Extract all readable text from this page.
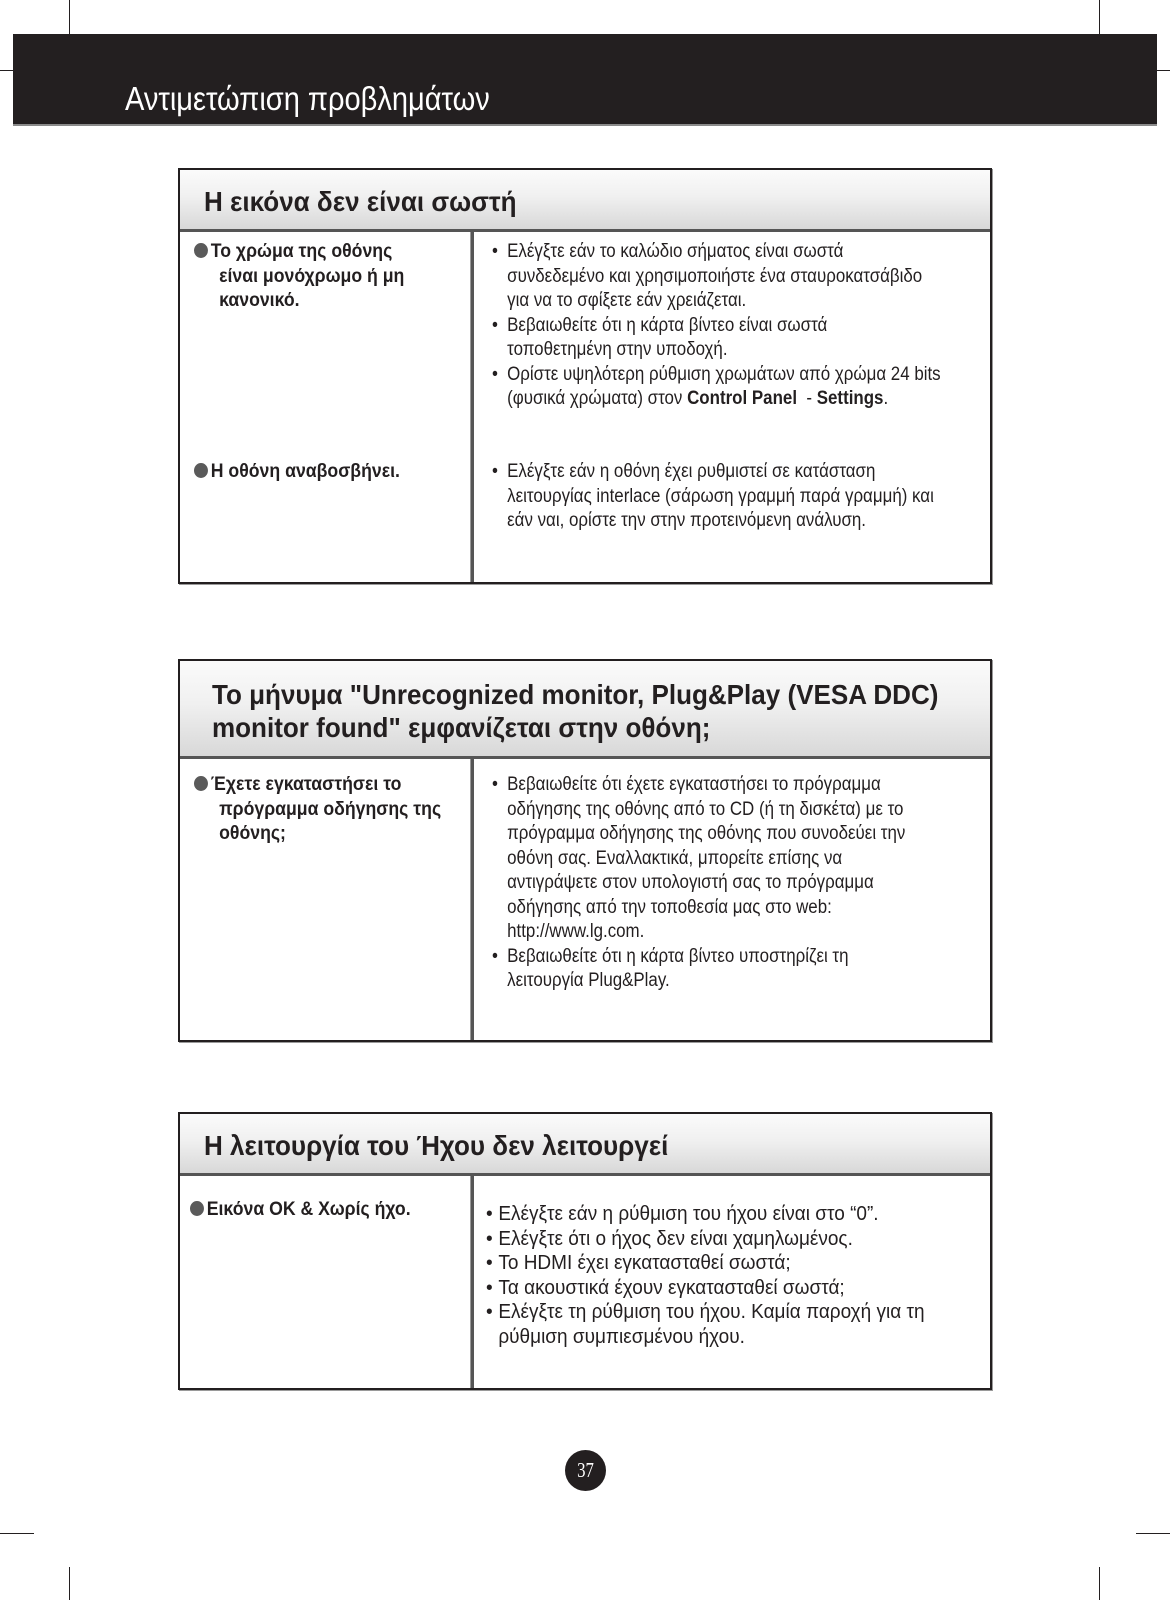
Αντιμετώπιση προβλημάτων
Η εικόνα δεν είναι σωστή
Το χρώμα της οθόνης
είναι μονόχρωμο ή μη
κανονικό.
• Ελέγξτε εάν το καλώδιο σήματος είναι σωστά
συνδεδεμένο και χρησιμοποιήστε ένα σταυροκατσάβιδο
για να το σφίξετε εάν χρειάζεται.
• Βεβαιωθείτε ότι η κάρτα βίντεο είναι σωστά
τοποθετημένη στην υποδοχή.
• Ορίστε υψηλότερη ρύθμιση χρωμάτων από χρώμα 24 bits
(φυσικά χρώματα) στον Control Panel  - Settings.
Η οθόνη αναβοσβήνει.	• Ελέγξτε εάν η οθόνη έχει ρυθμιστεί σε κατάσταση
λειτουργίας interlace (σάρωση γραμμή παρά γραμμή) και
εάν ναι, ορίστε την στην προτεινόμενη ανάλυση.
Το μήνυμα "Unrecognized monitor, Plug&Play (VESA DDC)
monitor found" εμφανίζεται στην οθόνη;
Έχετε εγκαταστήσει το
πρόγραμμα οδήγησης της
οθόνης;
• Βεβαιωθείτε ότι έχετε εγκαταστήσει το πρόγραμμα
οδήγησης της οθόνης από το CD (ή τη δισκέτα) με το
πρόγραμμα οδήγησης της οθόνης που συνοδεύει την
οθόνη σας. Εναλλακτικά, μπορείτε επίσης να
αντιγράψετε στον υπολογιστή σας το πρόγραμμα
οδήγησης από την τοποθεσία μας στο web:
http://www.lg.com.
• Βεβαιωθείτε ότι η κάρτα βίντεο υποστηρίζει τη
λειτουργία Plug&Play.
Η λειτουργία του Ήχου δεν λειτουργεί
Εικόνα OK & Χωρίς ήχο.	• Ελέγξτε εάν η ρύθμιση του ήχου είναι στο “0”.
• Ελέγξτε ότι ο ήχος δεν είναι χαμηλωμένος.
• Το HDMI έχει εγκατασταθεί σωστά;
• Τα ακουστικά έχουν εγκατασταθεί σωστά;
• Ελέγξτε τη ρύθμιση του ήχου. Καμία παροχή για τη
ρύθμιση συμπιεσμένου ήχου.
37
